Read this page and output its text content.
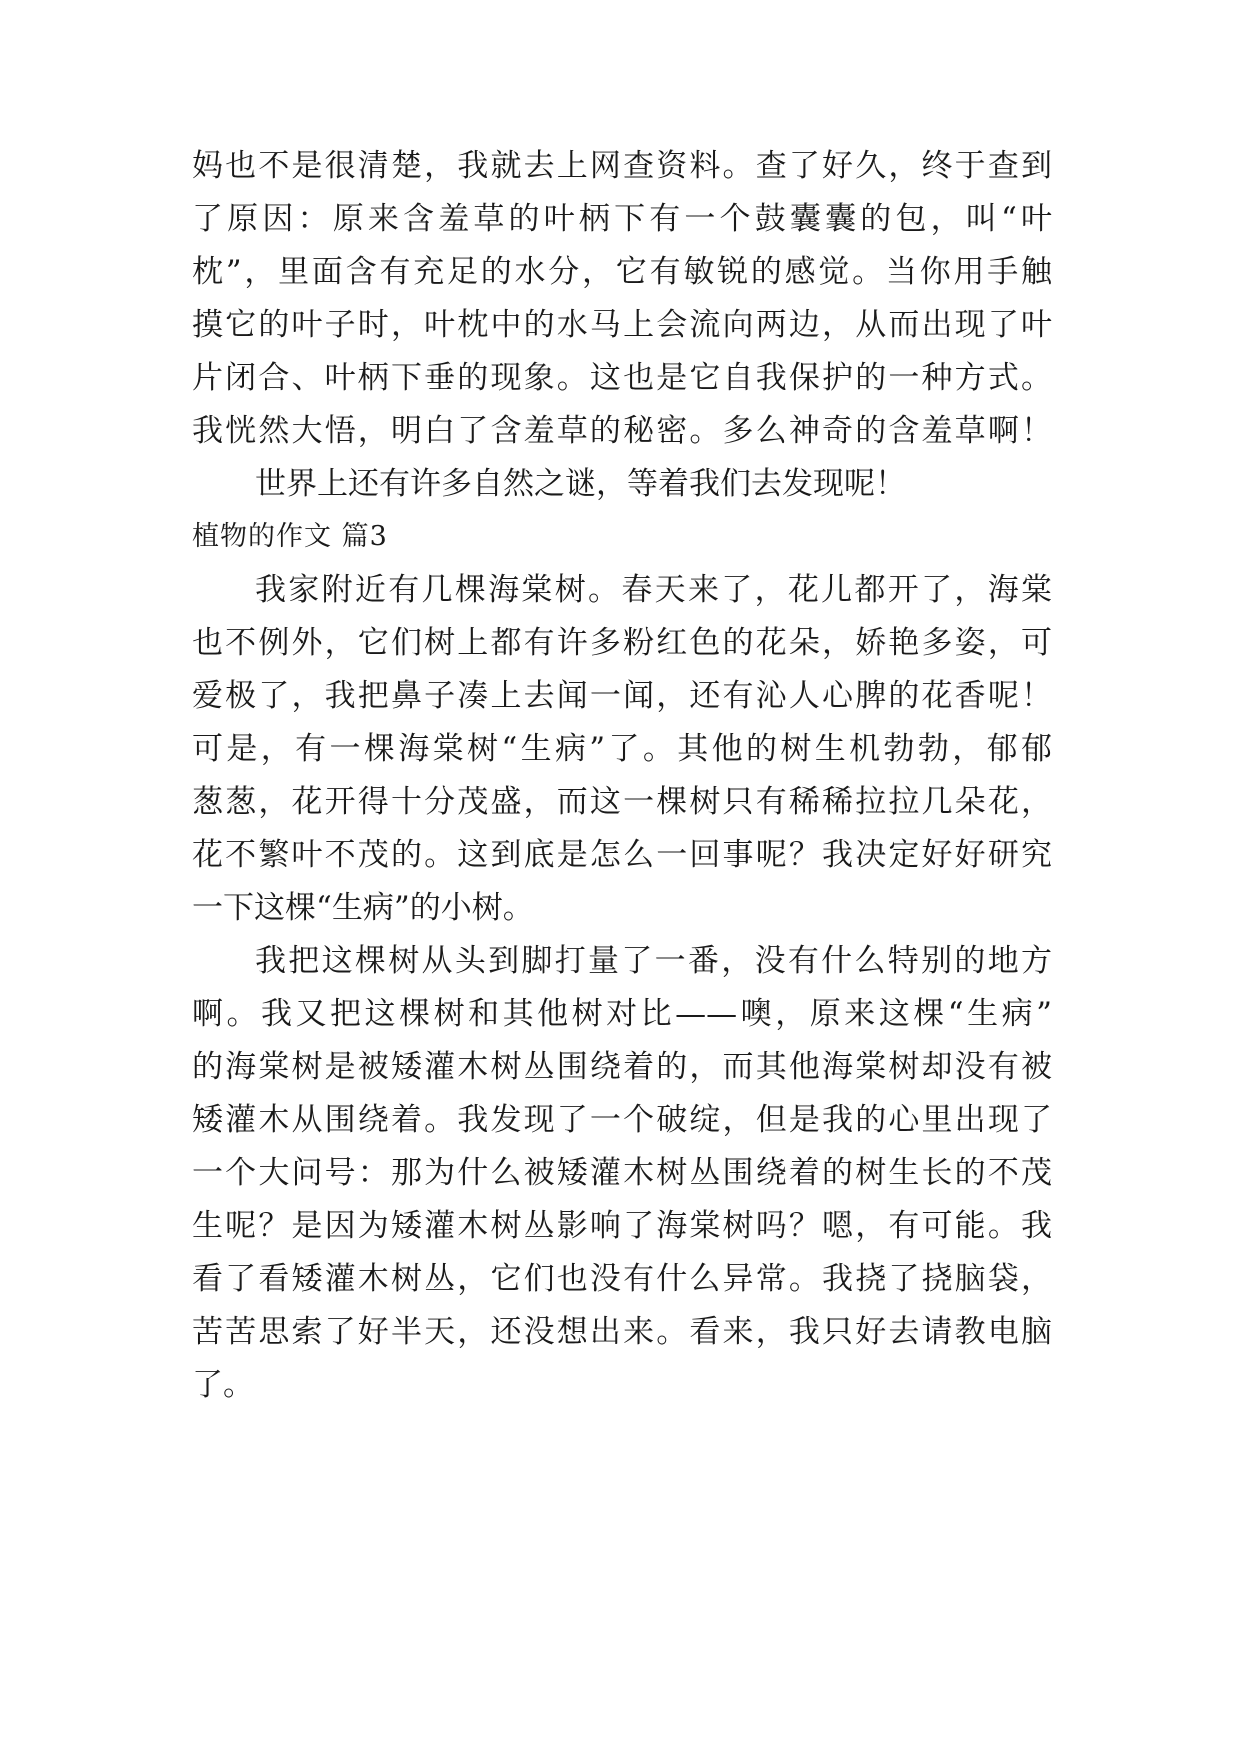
妈也不是很清楚，我就去上网查资料。查了好久，终于查到
了原因：原来含羞草的叶柄下有一个鼓囊囊的包，叫“叶
枕”，里面含有充足的水分，它有敏锐的感觉。当你用手触
摸它的叶子时，叶枕中的水马上会流向两边，从而出现了叶
片闭合、叶柄下垂的现象。这也是它自我保护的一种方式。
我恍然大悟，明白了含羞草的秘密。多么神奇的含羞草啊！
世界上还有许多自然之谜，等着我们去发现呢！
植物的作文 篇3
我家附近有几棵海棠树。春天来了，花儿都开了，海棠
也不例外，它们树上都有许多粉红色的花朵，娇艳多姿，可
爱极了，我把鼻子凑上去闻一闻，还有沁人心脾的花香呢！
可是，有一棵海棠树“生病”了。其他的树生机勃勃，郁郁
葱葱，花开得十分茂盛，而这一棵树只有稀稀拉拉几朵花，
花不繁叶不茂的。这到底是怎么一回事呢？我决定好好研究
一下这棵“生病”的小树。
我把这棵树从头到脚打量了一番，没有什么特别的地方
啊。我又把这棵树和其他树对比——噢，原来这棵“生病”
的海棠树是被矮灌木树丛围绕着的，而其他海棠树却没有被
矮灌木从围绕着。我发现了一个破绽，但是我的心里出现了
一个大问号：那为什么被矮灌木树丛围绕着的树生长的不茂
生呢？是因为矮灌木树丛影响了海棠树吗？嗯，有可能。我
看了看矮灌木树丛，它们也没有什么异常。我挠了挠脑袋，
苦苦思索了好半天，还没想出来。看来，我只好去请教电脑
了。
